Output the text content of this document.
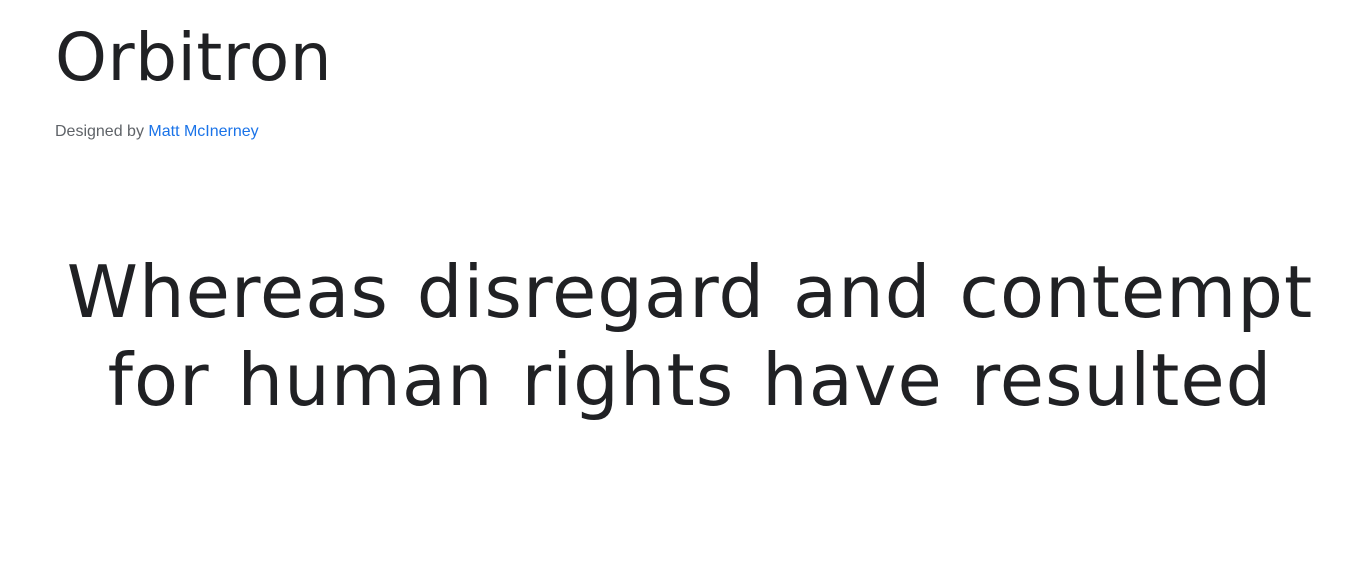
Orbitron
Designed by Matt McInerney
Whereas disregard and contempt for human rights have resulted
